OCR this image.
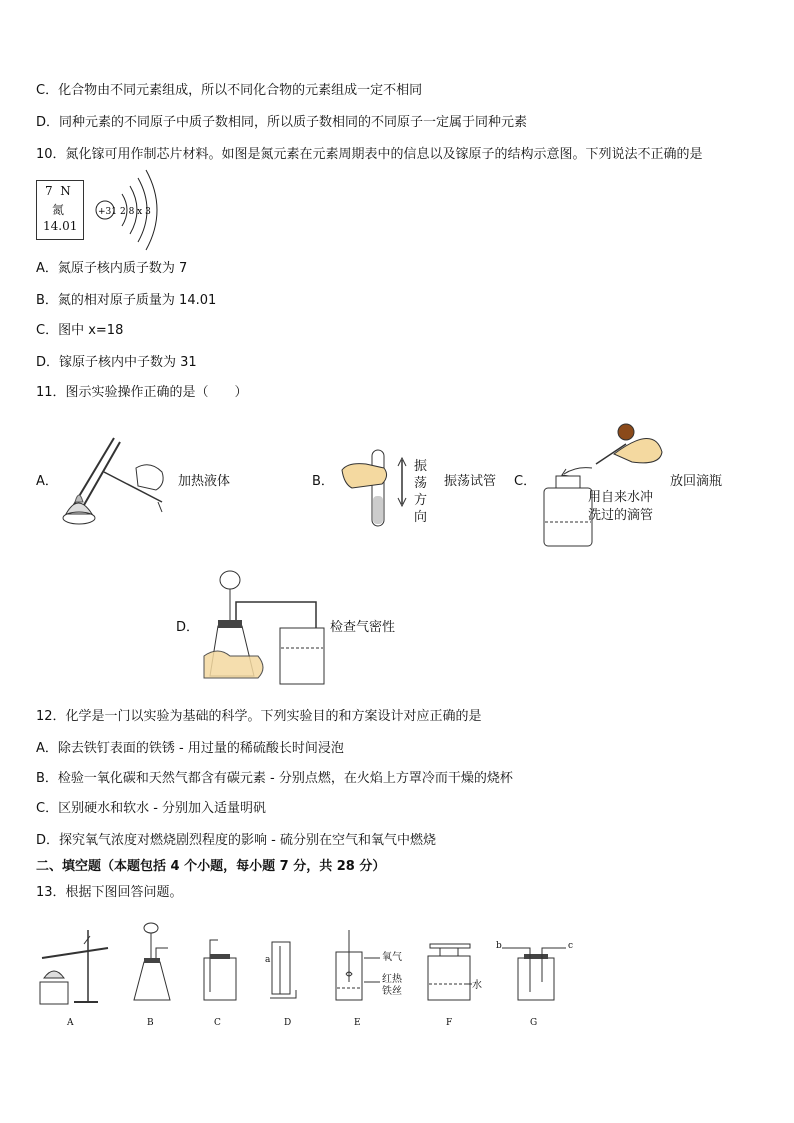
C．化合物由不同元素组成，所以不同化合物的元素组成一定不相同
D．同种元素的不同原子中质子数相同，所以质子数相同的不同原子一定属于同种元素
10．氮化镓可用作制芯片材料。如图是氮元素在元素周期表中的信息以及镓原子的结构示意图。下列说法不正确的是
7 N
氮
14.01
+31 2 8 x 3
A．氮原子核内质子数为 7
B．氮的相对原子质量为 14.01
C．图中 x=18
D．镓原子核内中子数为 31
11．图示实验操作正确的是（　　）
A．	加热液体	B．
振
荡
方
向
振荡试管 C．
用自来水冲
洗过的滴管
放回滴瓶
D．	检查气密性
12．化学是一门以实验为基础的科学。下列实验目的和方案设计对应正确的是
A．除去铁钉表面的铁锈 - 用过量的稀硫酸长时间浸泡
B．检验一氧化碳和天然气都含有碳元素 - 分别点燃，在火焰上方罩冷而干燥的烧杯
C．区别硬水和软水 - 分别加入适量明矾
D．探究氧气浓度对燃烧剧烈程度的影响 - 硫分别在空气和氧气中燃烧
二、填空题（本题包括 4 个小题，每小题 7 分，共 28 分）
13．根据下图回答问题。
A	B	C	D	E	F	G
a	氧气
红热
铁丝
水
b	c
